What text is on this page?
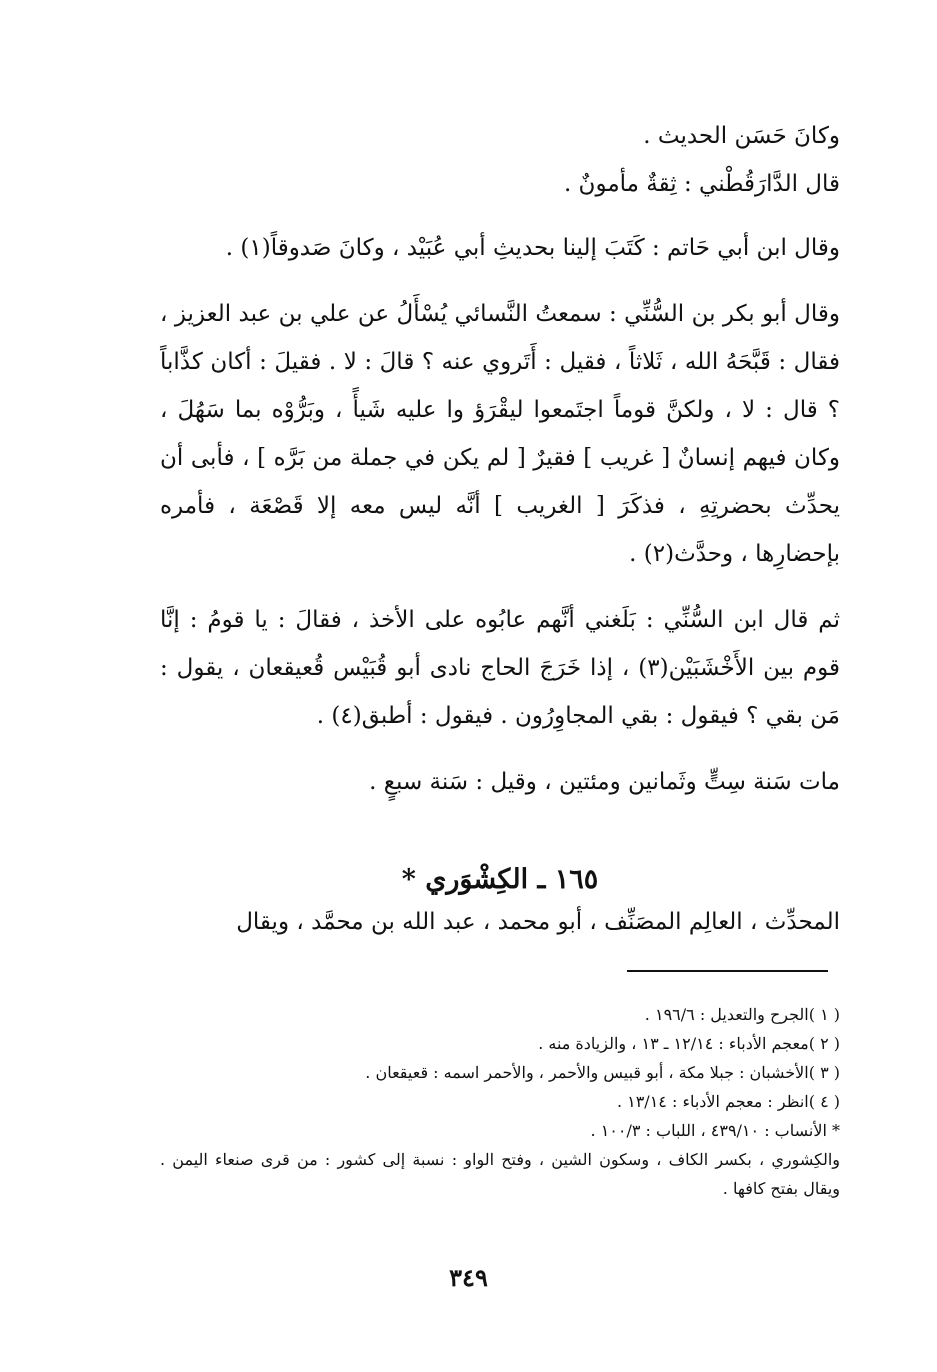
وكانَ حَسَن الحديث .

قال الدَّارَقُطْني : ثِقةٌ مأمونٌ .

وقال ابن أبي حَاتم : كَتَبَ إلينا بحديثِ أبي عُبَيْد ، وكانَ صَدوقاً(١) .

وقال أبو بكر بن السُّنِّي : سمعتُ النَّسائي يُسْأَلُ عن علي بن عبد العزيز ، فقال : قَبَّحَهُ الله ، ثَلاثاً ، فقيل : أَتَروي عنه ؟ قالَ : لا . فقيلَ : أكان كذَّاباً ؟ قال : لا ، ولكنَّ قوماً اجتَمعوا ليقْرَؤ وا عليه شَيأً ، وبَرُّوْه بما سَهُلَ ، وكان فيهم إنسانٌ [ غريب ] فقيرٌ [ لم يكن في جملة من بَرَّه ] ، فأبى أن يحدِّث بحضرتِهِ ، فذكَرَ [ الغريب ] أنَّه ليس معه إلا قَصْعَة ، فأمره بإحضارِها ، وحدَّث(٢) .

ثم قال ابن السُّنِّي : بَلَغني أنَّهم عابُوه على الأخذ ، فقالَ : يا قومُ : إنَّا قوم بين الأَخْشَبَيْن(٣) ، إذا خَرَجَ الحاج نادى أبو قُبَيْس قُعيقعان ، يقول : مَن بقي ؟ فيقول : بقي المجاوِرُون . فيقول : أطبق(٤) .

مات سَنة سِتٍّ وثَمانين ومئتين ، وقيل : سَنة سبعٍ .

١٦٥ ـ الكِشْوَري *

المحدِّث ، العالِم المصَنِّف ، أبو محمد ، عبد الله بن محمَّد ، ويقال

( ١ )الجرح والتعديل : ١٩٦/٦ .

( ٢ )معجم الأدباء : ١٢/١٤ ـ ١٣ ، والزيادة منه .

( ٣ )الأخشبان : جبلا مكة ، أبو قبيس والأحمر ، والأحمر اسمه : قعيقعان .

( ٤ )انظر : معجم الأدباء : ١٣/١٤ .

* الأنساب : ٤٣٩/١٠ ، اللباب : ١٠٠/٣ .

والكِشوري ، بكسر الكاف ، وسكون الشين ، وفتح الواو : نسبة إلى كشور : من قرى صنعاء اليمن . ويقال بفتح كافها .

٣٤٩
